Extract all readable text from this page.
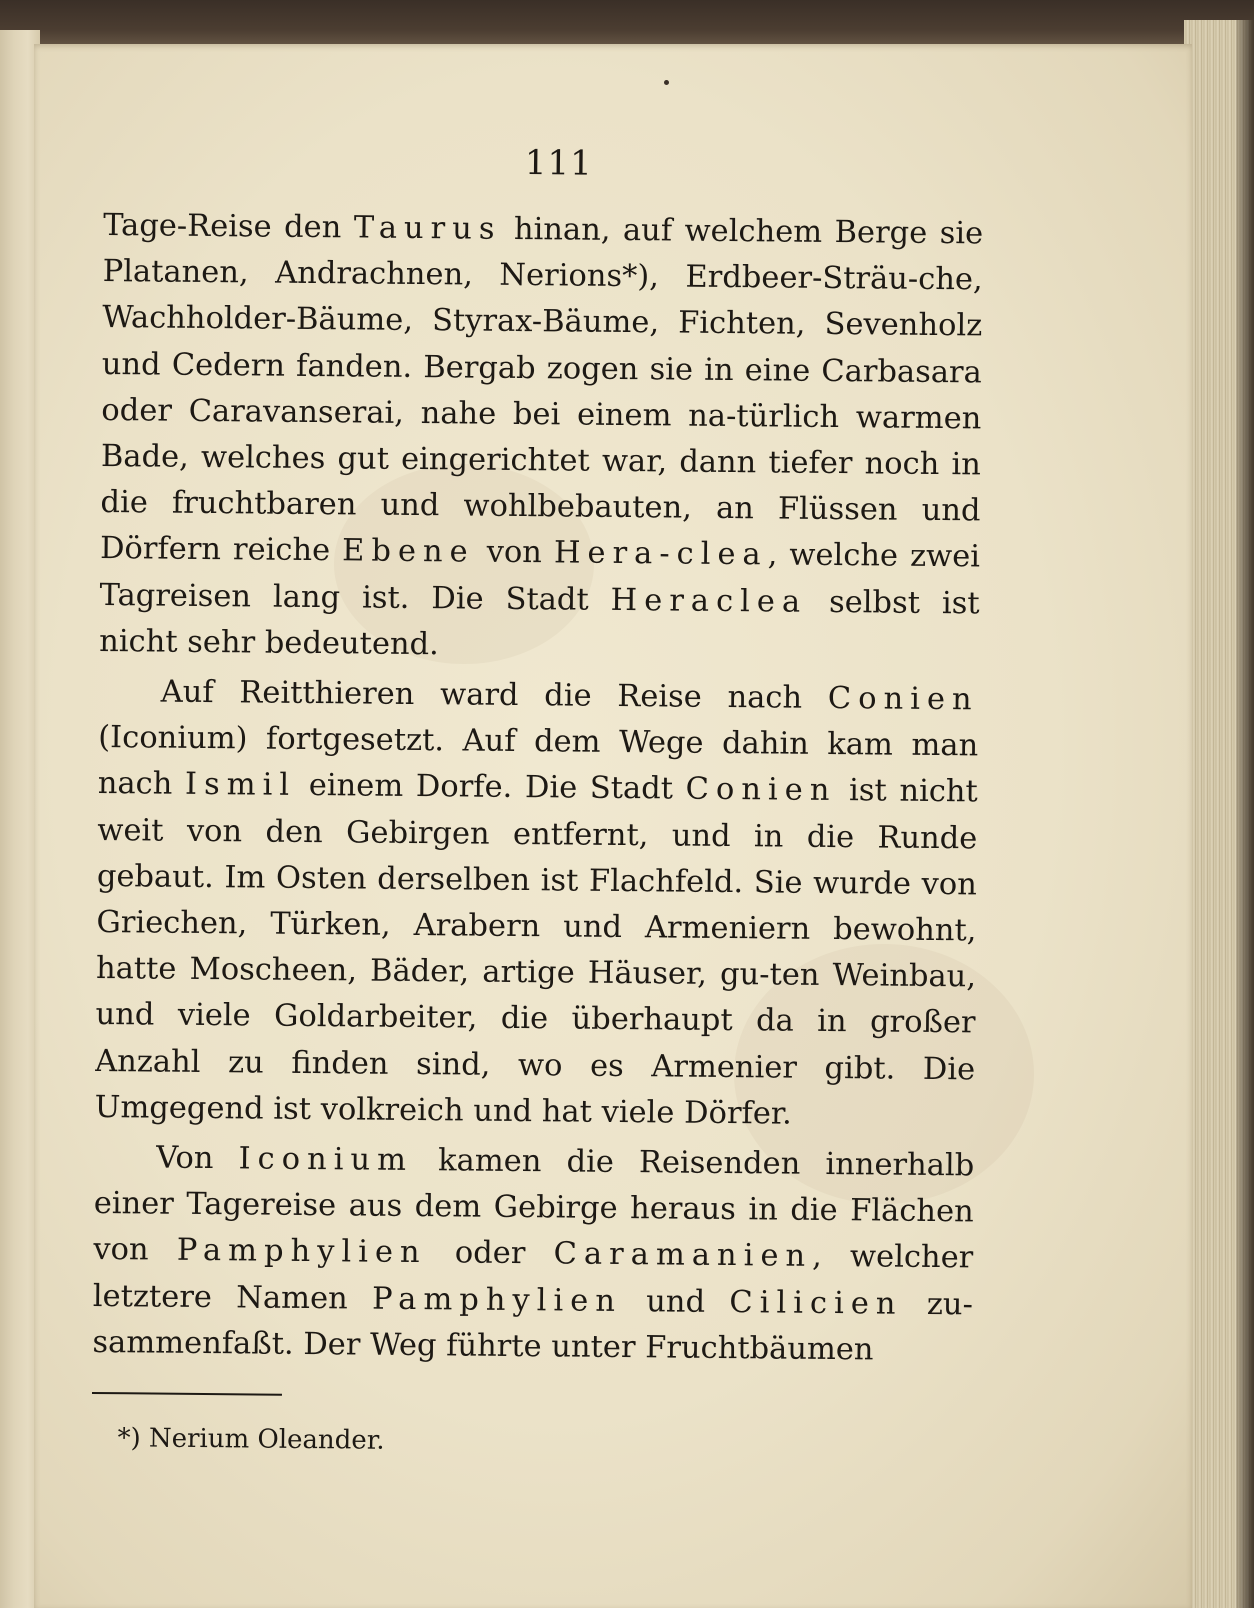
111

Tage-Reise den Taurus hinan, auf welchem Berge sie Platanen, Andrachnen, Nerions*), Erdbeer-Sträu-che, Wachholder-Bäume, Styrax-Bäume, Fichten, Sevenholz und Cedern fanden. Bergab zogen sie in eine Carbasara oder Caravanserai, nahe bei einem na-türlich warmen Bade, welches gut eingerichtet war, dann tiefer noch in die fruchtbaren und wohlbebauten, an Flüssen und Dörfern reiche Ebene von Hera-clea, welche zwei Tagreisen lang ist. Die Stadt Heraclea selbst ist nicht sehr bedeutend.

Auf Reitthieren ward die Reise nach Conien (Iconium) fortgesetzt. Auf dem Wege dahin kam man nach Ismil einem Dorfe. Die Stadt Conien ist nicht weit von den Gebirgen entfernt, und in die Runde gebaut. Im Osten derselben ist Flachfeld. Sie wurde von Griechen, Türken, Arabern und Armeniern bewohnt, hatte Moscheen, Bäder, artige Häuser, gu-ten Weinbau, und viele Goldarbeiter, die überhaupt da in großer Anzahl zu finden sind, wo es Armenier gibt. Die Umgegend ist volkreich und hat viele Dörfer.

Von Iconium kamen die Reisenden innerhalb einer Tagereise aus dem Gebirge heraus in die Flächen von Pamphylien oder Caramanien, welcher letztere Namen Pamphylien und Cilicien zu-sammenfaßt. Der Weg führte unter Fruchtbäumen

*) Nerium Oleander.
